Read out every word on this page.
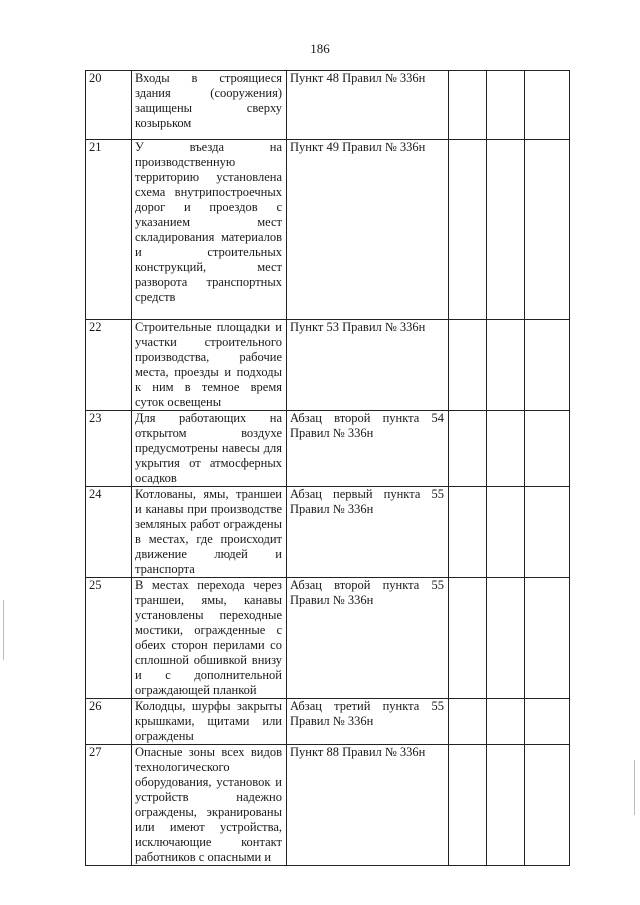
186
20	Входы в строящиеся здания (сооружения) защищены сверху козырьком	Пункт 48 Правил № 336н			
21	У въезда на производственную территорию установлена схема внутрипостроечных дорог и проездов с указанием мест складирования материалов и строительных конструкций, мест разворота транспортных средств	Пункт 49 Правил № 336н			
22	Строительные площадки и участки строительного производства, рабочие места, проезды и подходы к ним в темное время суток освещены	Пункт 53 Правил № 336н			
23	Для работающих на открытом воздухе предусмотрены навесы для укрытия от атмосферных осадков	Абзац второй пункта 54 Правил № 336н			
24	Котлованы, ямы, траншеи и канавы при производстве земляных работ ограждены в местах, где происходит движение людей и транспорта	Абзац первый пункта 55 Правил № 336н			
25	В местах перехода через траншеи, ямы, канавы установлены переходные мостики, огражденные с обеих сторон перилами со сплошной обшивкой внизу и с дополнительной ограждающей планкой	Абзац второй пункта 55 Правил № 336н			
26	Колодцы, шурфы закрыты крышками, щитами или ограждены	Абзац третий пункта 55 Правил № 336н			
27	Опасные зоны всех видов технологического оборудования, установок и устройств надежно ограждены, экранированы или имеют устройства, исключающие контакт работников с опасными и	Пункт 88 Правил № 336н			
